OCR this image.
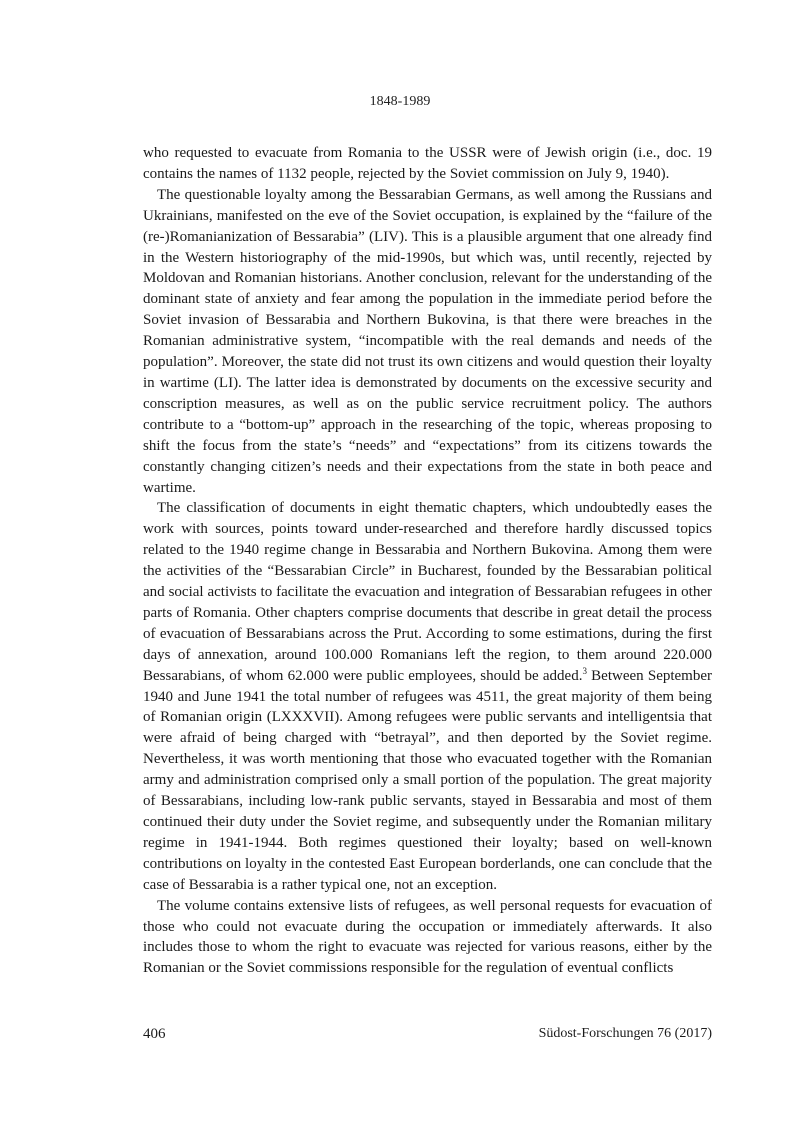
1848-1989

who requested to evacuate from Romania to the USSR were of Jewish origin (i.e., doc. 19 contains the names of 1132 people, rejected by the Soviet commission on July 9, 1940).

The questionable loyalty among the Bessarabian Germans, as well among the Russians and Ukrainians, manifested on the eve of the Soviet occupation, is explained by the “failure of the (re-)Romanianization of Bessarabia” (LIV). This is a plausible argument that one already find in the Western historiography of the mid-1990s, but which was, until recently, rejected by Moldovan and Romanian historians. Another conclusion, relevant for the understanding of the dominant state of anxiety and fear among the population in the immediate period before the Soviet invasion of Bessarabia and Northern Bukovina, is that there were breaches in the Romanian administrative system, “incompatible with the real demands and needs of the population”. Moreover, the state did not trust its own citizens and would question their loyalty in wartime (LI). The latter idea is demonstrated by documents on the excessive security and conscription measures, as well as on the public service recruitment policy. The authors contribute to a “bottom-up” approach in the researching of the topic, whereas proposing to shift the focus from the state’s “needs” and “expectations” from its citizens towards the constantly changing citizen’s needs and their expectations from the state in both peace and wartime.

The classification of documents in eight thematic chapters, which undoubtedly eases the work with sources, points toward under-researched and therefore hardly discussed topics related to the 1940 regime change in Bessarabia and Northern Bukovina. Among them were the activities of the “Bessarabian Circle” in Bucharest, founded by the Bessarabian political and social activists to facilitate the evacuation and integration of Bessarabian refugees in other parts of Romania. Other chapters comprise documents that describe in great detail the process of evacuation of Bessarabians across the Prut. According to some estimations, during the first days of annexation, around 100.000 Romanians left the region, to them around 220.000 Bessarabians, of whom 62.000 were public employees, should be added.$^3$ Between September 1940 and June 1941 the total number of refugees was 4511, the great majority of them being of Romanian origin (LXXXVII). Among refugees were public servants and intelligentsia that were afraid of being charged with “betrayal”, and then deported by the Soviet regime. Nevertheless, it was worth mentioning that those who evacuated together with the Romanian army and administration comprised only a small portion of the population. The great majority of Bessarabians, including low-rank public servants, stayed in Bessarabia and most of them continued their duty under the Soviet regime, and subsequently under the Romanian military regime in 1941-1944. Both regimes questioned their loyalty; based on well-known contributions on loyalty in the contested East European borderlands, one can conclude that the case of Bessarabia is a rather typical one, not an exception.

The volume contains extensive lists of refugees, as well personal requests for evacuation of those who could not evacuate during the occupation or immediately afterwards. It also includes those to whom the right to evacuate was rejected for various reasons, either by the Romanian or the Soviet commissions responsible for the regulation of eventual conflicts

406	Südost-Forschungen 76 (2017)
